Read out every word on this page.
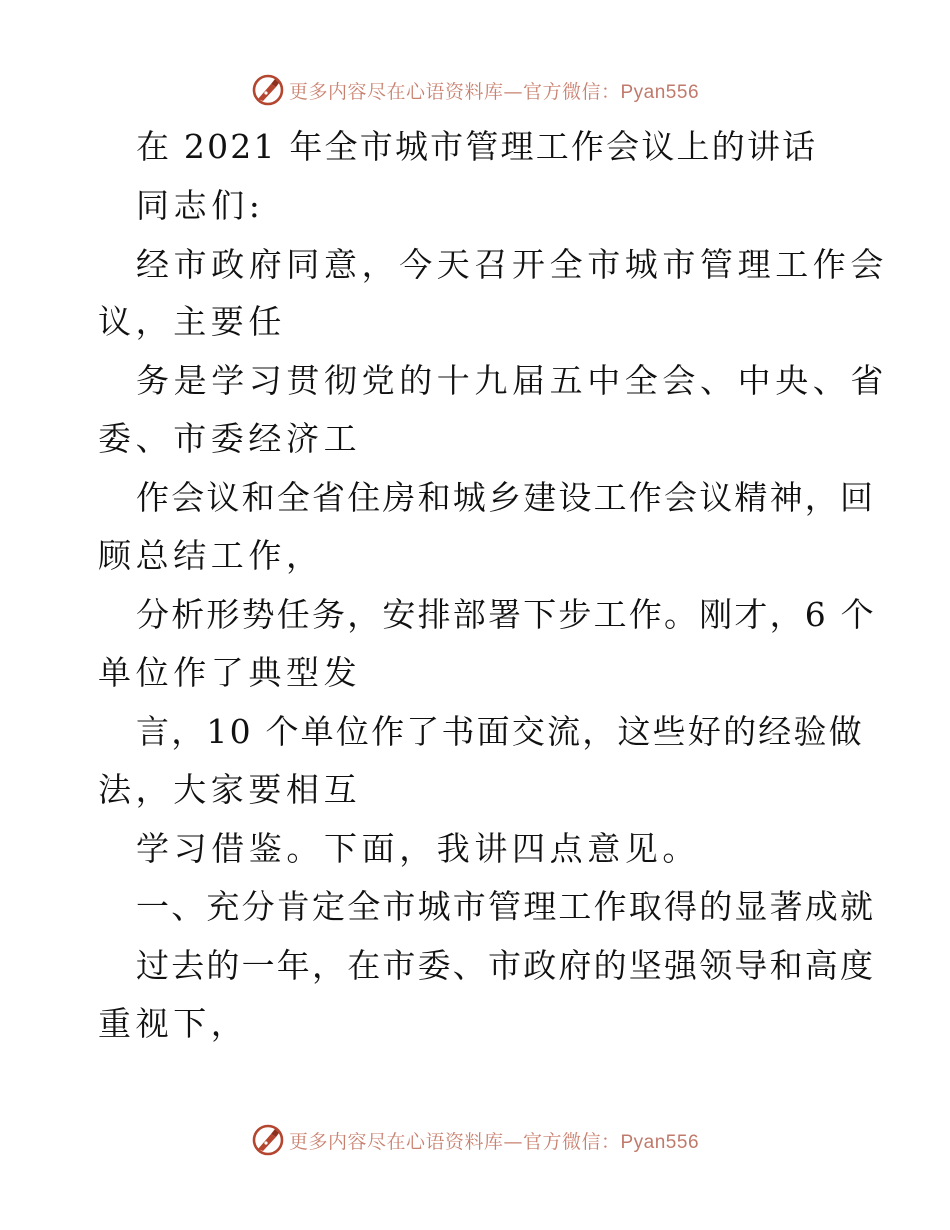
更多内容尽在心语资料库—官方微信：Pyan556
在 2021 年全市城市管理工作会议上的讲话
同志们:
经市政府同意，今天召开全市城市管理工作会
议，主要任
务是学习贯彻党的十九届五中全会、中央、省
委、市委经济工
作会议和全省住房和城乡建设工作会议精神，回
顾总结工作，
分析形势任务，安排部署下步工作。刚才，6 个
单位作了典型发
言，10 个单位作了书面交流，这些好的经验做
法，大家要相互
学习借鉴。下面，我讲四点意见。
一、充分肯定全市城市管理工作取得的显著成就
过去的一年，在市委、市政府的坚强领导和高度
重视下，
更多内容尽在心语资料库—官方微信：Pyan556
